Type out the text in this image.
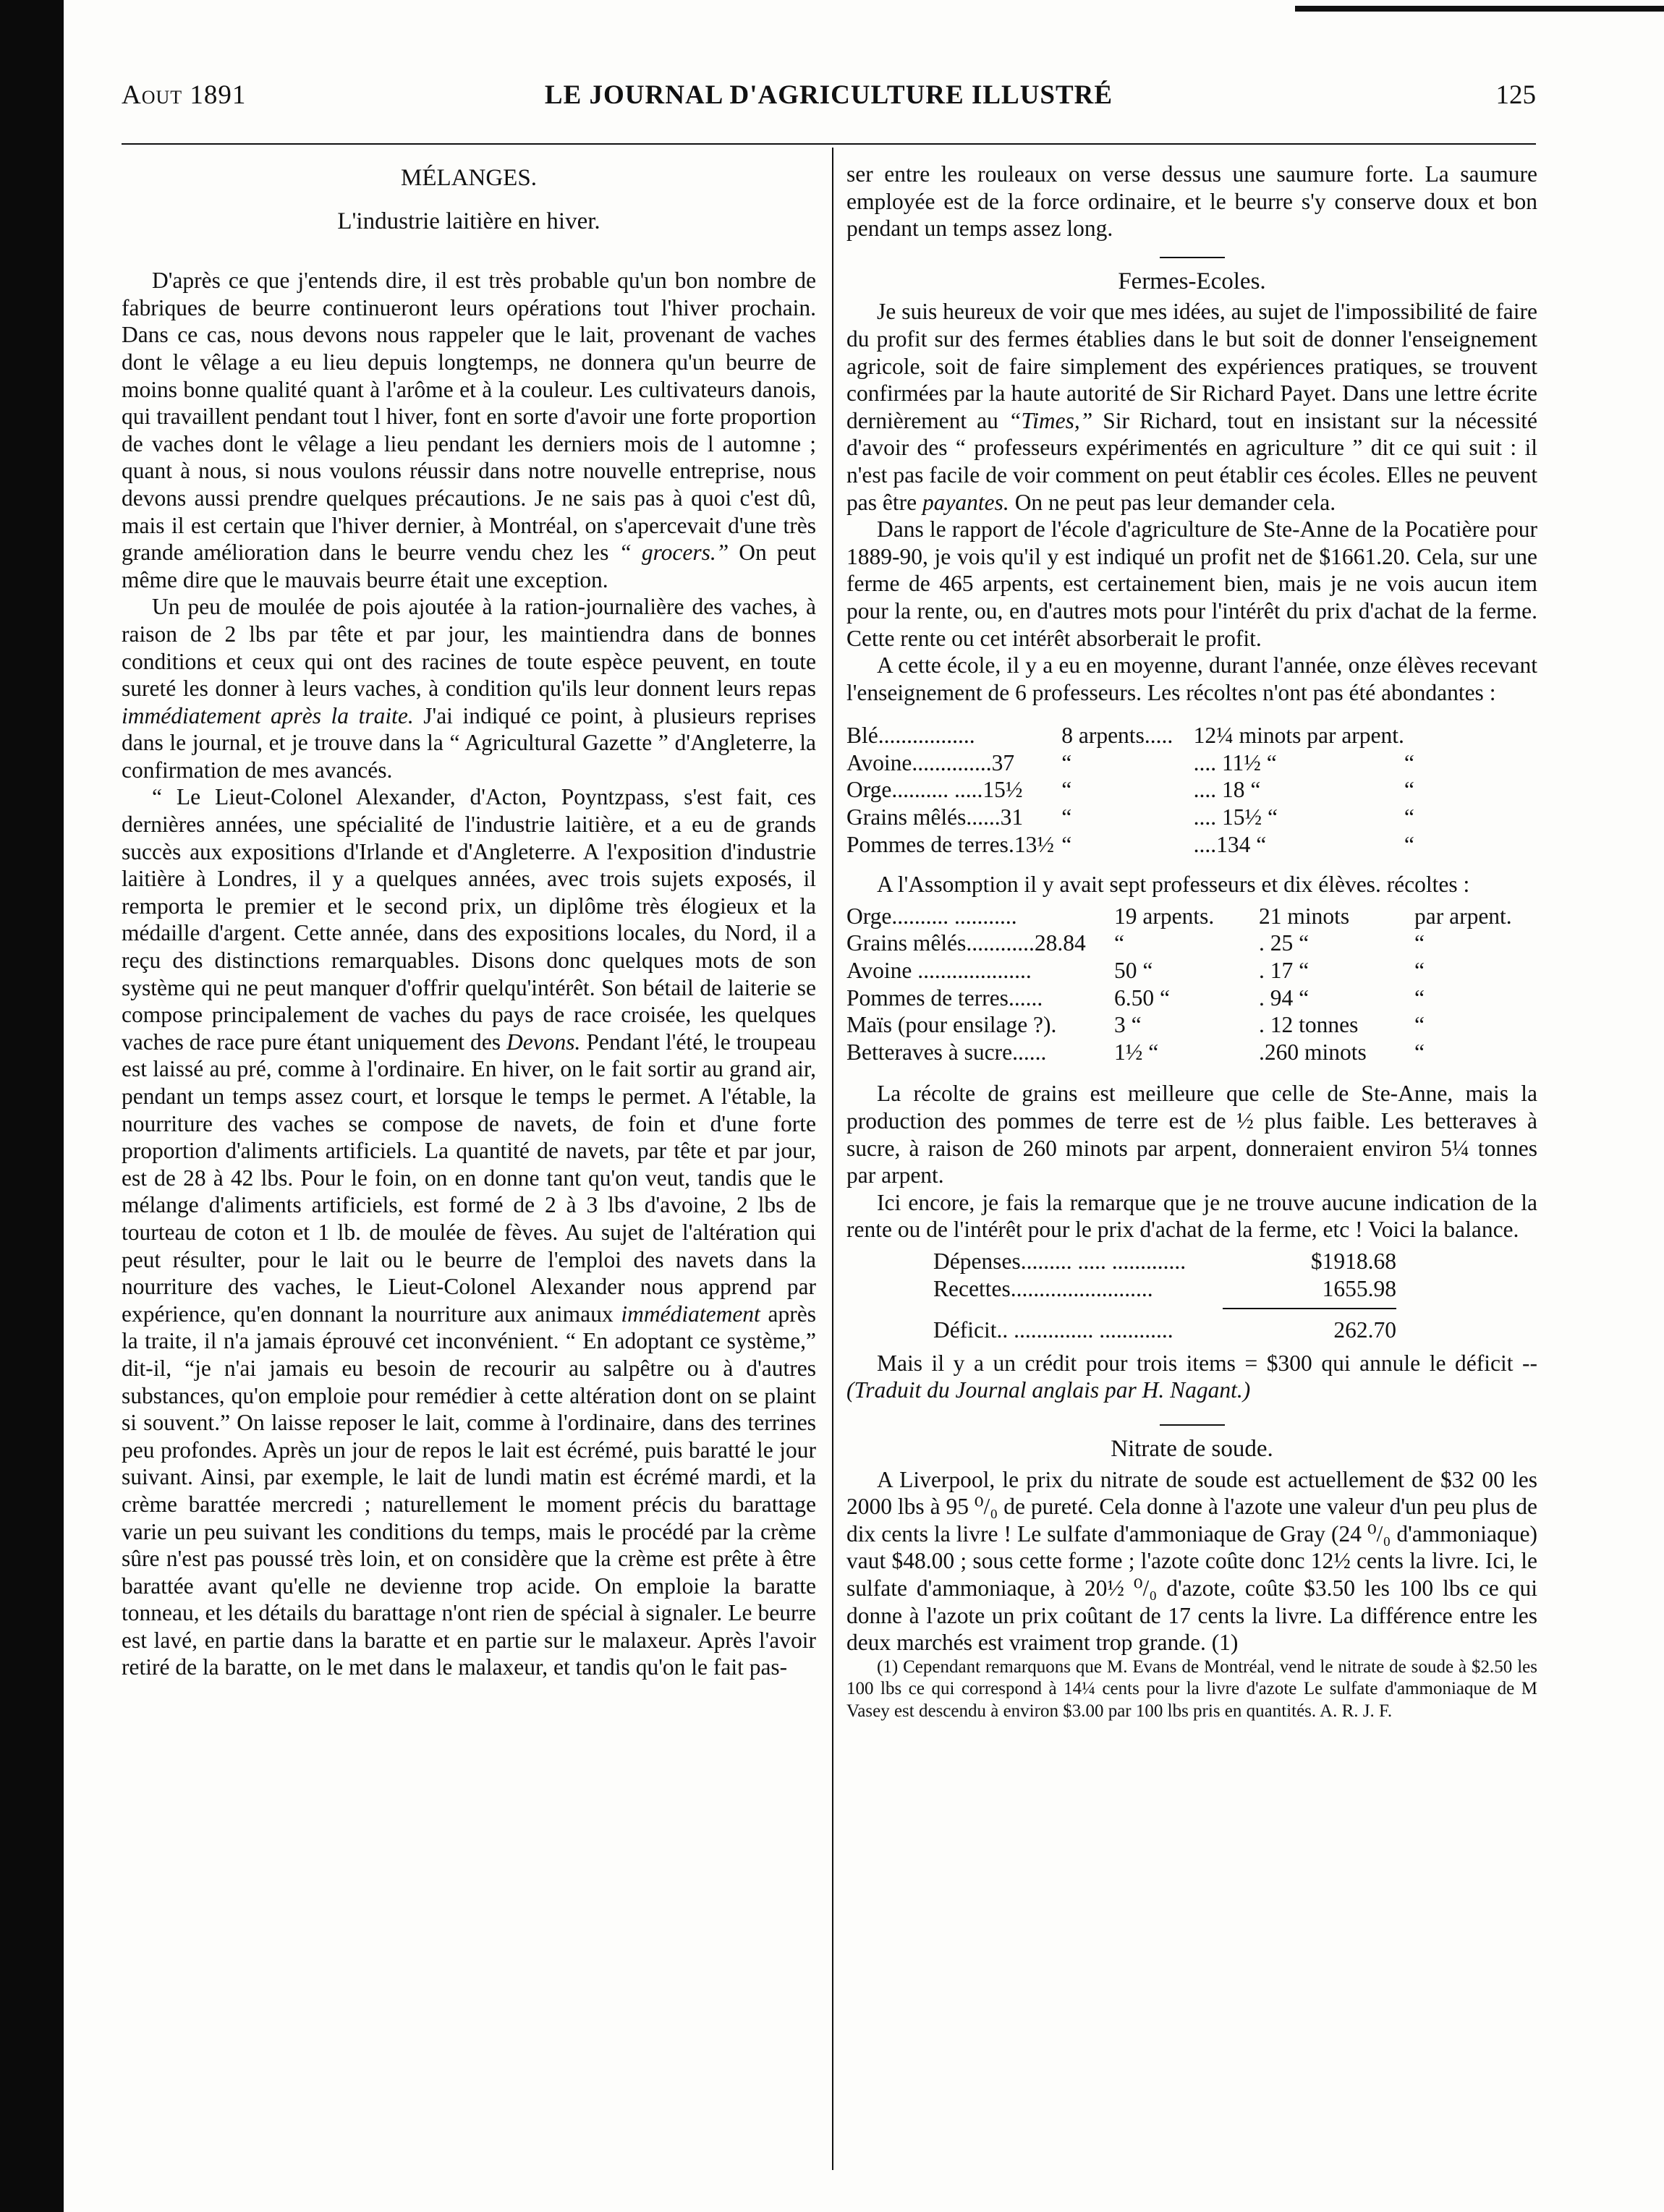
Aout 1891	LE JOURNAL D'AGRICULTURE ILLUSTRÉ	125
MÉLANGES.
L'industrie laitière en hiver.

D'après ce que j'entends dire, il est très probable qu'un bon nombre de fabriques de beurre continueront leurs opérations tout l'hiver prochain. Dans ce cas, nous devons nous rappeler que le lait, provenant de vaches dont le vêlage a eu lieu depuis longtemps, ne donnera qu'un beurre de moins bonne qualité quant à l'arôme et à la couleur. Les cultivateurs danois, qui travaillent pendant tout l hiver, font en sorte d'avoir une forte proportion de vaches dont le vêlage a lieu pendant les derniers mois de l automne ; quant à nous, si nous voulons réussir dans notre nouvelle entreprise, nous devons aussi prendre quelques précautions. Je ne sais pas à quoi c'est dû, mais il est certain que l'hiver dernier, à Montréal, on s'apercevait d'une très grande amélioration dans le beurre vendu chez les “ grocers.” On peut même dire que le mauvais beurre était une exception.

Un peu de moulée de pois ajoutée à la ration-journalière des vaches, à raison de 2 lbs par tête et par jour, les maintiendra dans de bonnes conditions et ceux qui ont des racines de toute espèce peuvent, en toute sureté les donner à leurs vaches, à condition qu'ils leur donnent leurs repas immédiatement après la traite. J'ai indiqué ce point, à plusieurs reprises dans le journal, et je trouve dans la “ Agricultural Gazette ” d'Angleterre, la confirmation de mes avancés.

“ Le Lieut-Colonel Alexander, d'Acton, Poyntzpass, s'est fait, ces dernières années, une spécialité de l'industrie laitière, et a eu de grands succès aux expositions d'Irlande et d'Angleterre. A l'exposition d'industrie laitière à Londres, il y a quelques années, avec trois sujets exposés, il remporta le premier et le second prix, un diplôme très élogieux et la médaille d'argent. Cette année, dans des expositions locales, du Nord, il a reçu des distinctions remarquables. Disons donc quelques mots de son système qui ne peut manquer d'offrir quelqu'intérêt. Son bétail de laiterie se compose principalement de vaches du pays de race croisée, les quelques vaches de race pure étant uniquement des Devons. Pendant l'été, le troupeau est laissé au pré, comme à l'ordinaire. En hiver, on le fait sortir au grand air, pendant un temps assez court, et lorsque le temps le permet. A l'étable, la nourriture des vaches se compose de navets, de foin et d'une forte proportion d'aliments artificiels. La quantité de navets, par tête et par jour, est de 28 à 42 lbs. Pour le foin, on en donne tant qu'on veut, tandis que le mélange d'aliments artificiels, est formé de 2 à 3 lbs d'avoine, 2 lbs de tourteau de coton et 1 lb. de moulée de fèves. Au sujet de l'altération qui peut résulter, pour le lait ou le beurre de l'emploi des navets dans la nourriture des vaches, le Lieut-Colonel Alexander nous apprend par expérience, qu'en donnant la nourriture aux animaux immédiatement après la traite, il n'a jamais éprouvé cet inconvénient. “ En adoptant ce système,” dit-il, “je n'ai jamais eu besoin de recourir au salpêtre ou à d'autres substances, qu'on emploie pour remédier à cette altération dont on se plaint si souvent.” On laisse reposer le lait, comme à l'ordinaire, dans des terrines peu profondes. Après un jour de repos le lait est écrémé, puis baratté le jour suivant. Ainsi, par exemple, le lait de lundi matin est écrémé mardi, et la crème barattée mercredi ; naturellement le moment précis du barattage varie un peu suivant les conditions du temps, mais le procédé par la crème sûre n'est pas poussé très loin, et on considère que la crème est prête à être barattée avant qu'elle ne devienne trop acide. On emploie la baratte tonneau, et les détails du barattage n'ont rien de spécial à signaler. Le beurre est lavé, en partie dans la baratte et en partie sur le malaxeur. Après l'avoir retiré de la baratte, on le met dans le malaxeur, et tandis qu'on le fait pas-

ser entre les rouleaux on verse dessus une saumure forte. La saumure employée est de la force ordinaire, et le beurre s'y conserve doux et bon pendant un temps assez long.

Fermes-Ecoles.

Je suis heureux de voir que mes idées, au sujet de l'impossibilité de faire du profit sur des fermes établies dans le but soit de donner l'enseignement agricole, soit de faire simplement des expériences pratiques, se trouvent confirmées par la haute autorité de Sir Richard Payet. Dans une lettre écrite dernièrement au “Times,” Sir Richard, tout en insistant sur la nécessité d'avoir des “ professeurs expérimentés en agriculture ” dit ce qui suit : il n'est pas facile de voir comment on peut établir ces écoles. Elles ne peuvent pas être payantes. On ne peut pas leur demander cela.

Dans le rapport de l'école d'agriculture de Ste-Anne de la Pocatière pour 1889-90, je vois qu'il y est indiqué un profit net de $1661.20. Cela, sur une ferme de 465 arpents, est certainement bien, mais je ne vois aucun item pour la rente, ou, en d'autres mots pour l'intérêt du prix d'achat de la ferme. Cette rente ou cet intérêt absorberait le profit.

A cette école, il y a eu en moyenne, durant l'année, onze élèves recevant l'enseignement de 6 professeurs. Les récoltes n'ont pas été abondantes :

Blé.................	8 arpents.....	12¼ minots par arpent.	
Avoine..............37	“	.... 11½ “	“
Orge.......... .....15½	“	.... 18 “	“
Grains mêlés......31	“	.... 15½ “	“
Pommes de terres.13½	“	....134 “	“

A l'Assomption il y avait sept professeurs et dix élèves. récoltes :

Orge.......... ...........	19 arpents.	21 minots	par arpent.
Grains mêlés............28.84	“	. 25 “	“
Avoine ....................	50 “	. 17 “	“
Pommes de terres......	6.50 “	. 94 “	“
Maïs (pour ensilage ?).	3 “	. 12 tonnes	“
Betteraves à sucre......	1½ “	.260 minots	“

La récolte de grains est meilleure que celle de Ste-Anne, mais la production des pommes de terre est de ½ plus faible. Les betteraves à sucre, à raison de 260 minots par arpent, donneraient environ 5¼ tonnes par arpent.

Ici encore, je fais la remarque que je ne trouve aucune indication de la rente ou de l'intérêt pour le prix d'achat de la ferme, etc ! Voici la balance.

Dépenses......... ..... .............	$1918.68
Recettes.........................	1655.98
Déficit.. .............. .............	262.70

Mais il y a un crédit pour trois items = $300 qui annule le déficit -- (Traduit du Journal anglais par H. Nagant.)

Nitrate de soude.

A Liverpool, le prix du nitrate de soude est actuellement de $32 00 les 2000 lbs à 95 ⁰/₀ de pureté. Cela donne à l'azote une valeur d'un peu plus de dix cents la livre ! Le sulfate d'ammoniaque de Gray (24 ⁰/₀ d'ammoniaque) vaut $48.00 ; sous cette forme ; l'azote coûte donc 12½ cents la livre. Ici, le sulfate d'ammoniaque, à 20½ ⁰/₀ d'azote, coûte $3.50 les 100 lbs ce qui donne à l'azote un prix coûtant de 17 cents la livre. La différence entre les deux marchés est vraiment trop grande. (1)

(1) Cependant remarquons que M. Evans de Montréal, vend le nitrate de soude à $2.50 les 100 lbs ce qui correspond à 14¼ cents pour la livre d'azote Le sulfate d'ammoniaque de M Vasey est descendu à environ $3.00 par 100 lbs pris en quantités. A. R. J. F.
